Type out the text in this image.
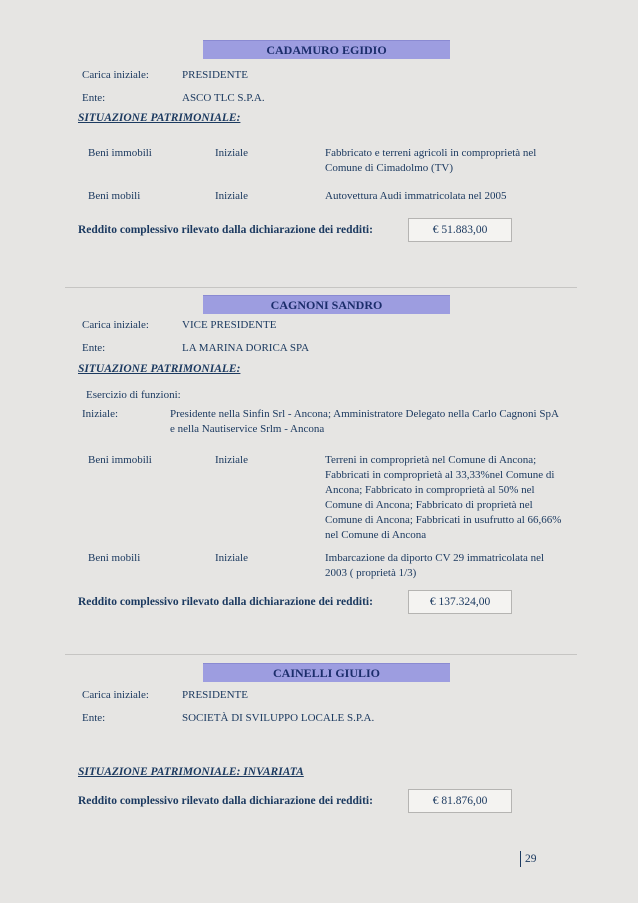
CADAMURO EGIDIO
Carica iniziale:	PRESIDENTE
Ente:	ASCO TLC S.P.A.
SITUAZIONE PATRIMONIALE:
Beni immobili	Iniziale	Fabbricato e terreni agricoli in comproprietà nel Comune di Cimadolmo (TV)
Beni mobili	Iniziale	Autovettura Audi immatricolata nel 2005
Reddito complessivo rilevato dalla dichiarazione dei redditi:	€ 51.883,00
CAGNONI SANDRO
Carica iniziale:	VICE PRESIDENTE
Ente:	LA MARINA DORICA SPA
SITUAZIONE PATRIMONIALE:
Esercizio di funzioni:
Iniziale:	Presidente nella Sinfin Srl - Ancona; Amministratore Delegato nella Carlo Cagnoni SpA e nella Nautiservice Srlm - Ancona
Beni immobili	Iniziale	Terreni in comproprietà nel Comune di Ancona; Fabbricati in comproprietà al 33,33%nel Comune di Ancona; Fabbricato in comproprietà al 50% nel Comune di Ancona; Fabbricato di proprietà nel Comune di Ancona; Fabbricati in usufrutto al 66,66% nel Comune di Ancona
Beni mobili	Iniziale	Imbarcazione da diporto CV 29 immatricolata nel 2003 ( proprietà 1/3)
Reddito complessivo rilevato dalla dichiarazione dei redditi:	€ 137.324,00
CAINELLI GIULIO
Carica iniziale:	PRESIDENTE
Ente:	SOCIETÀ DI SVILUPPO LOCALE S.P.A.
SITUAZIONE PATRIMONIALE: INVARIATA
Reddito complessivo rilevato dalla dichiarazione dei redditi:	€ 81.876,00
29
